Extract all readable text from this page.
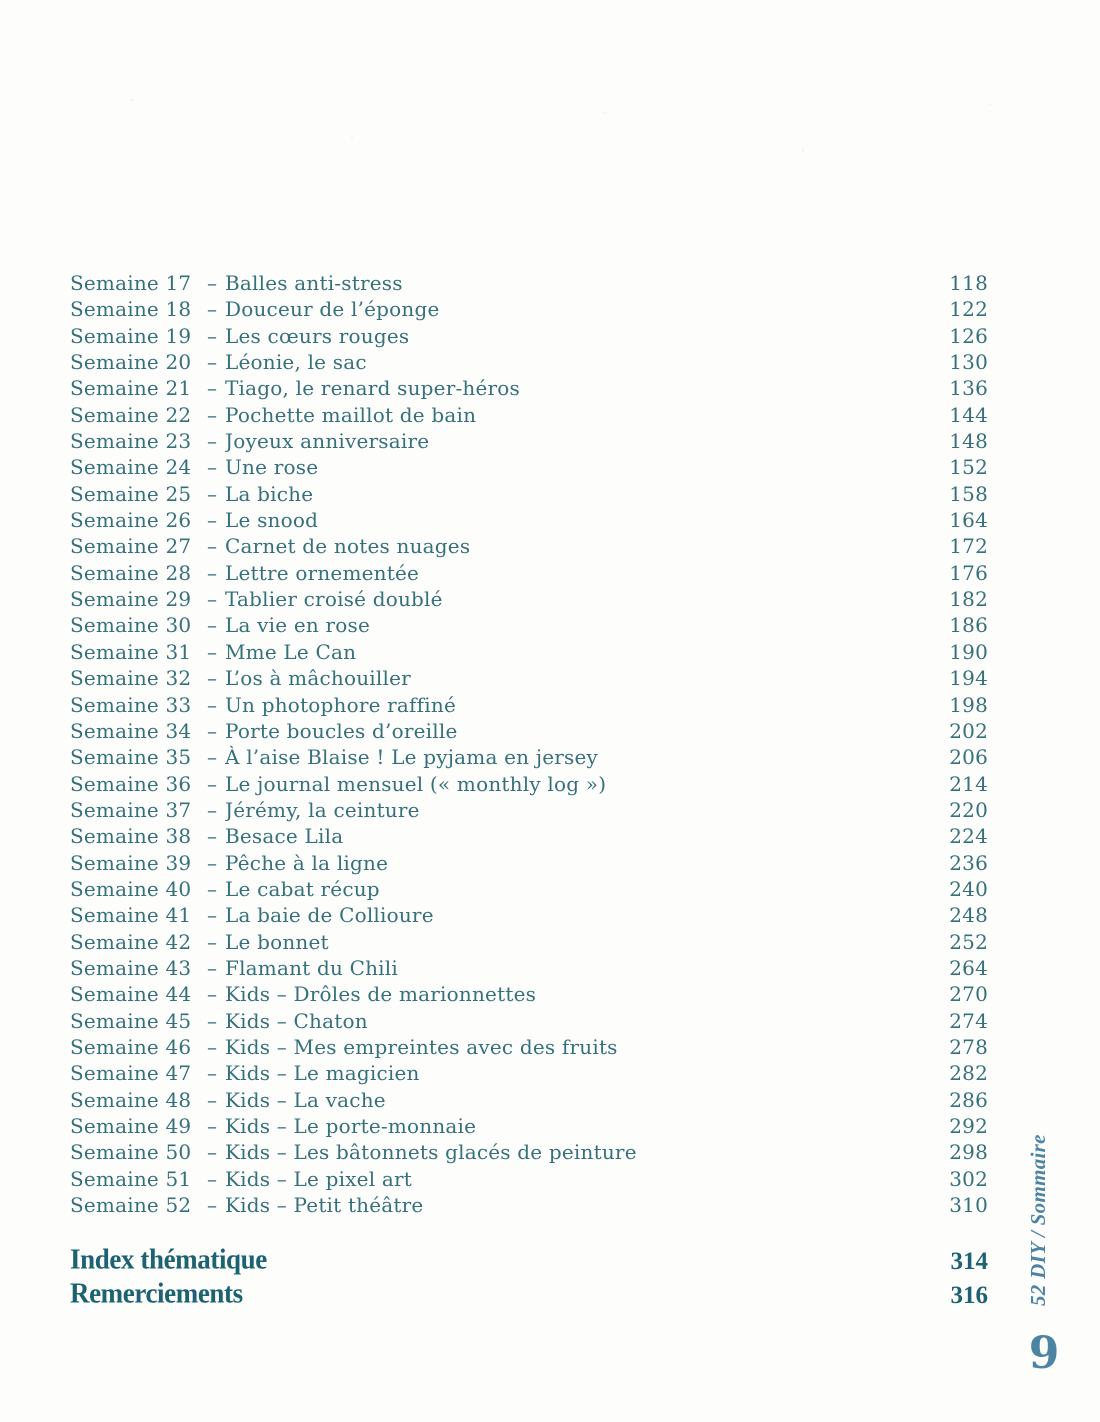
Semaine 17 – Balles anti-stress	118
Semaine 18 – Douceur de l’éponge	122
Semaine 19 – Les cœurs rouges	126
Semaine 20 – Léonie, le sac	130
Semaine 21 – Tiago, le renard super-héros	136
Semaine 22 – Pochette maillot de bain	144
Semaine 23 – Joyeux anniversaire	148
Semaine 24 – Une rose	152
Semaine 25 – La biche	158
Semaine 26 – Le snood	164
Semaine 27 – Carnet de notes nuages	172
Semaine 28 – Lettre ornementée	176
Semaine 29 – Tablier croisé doublé	182
Semaine 30 – La vie en rose	186
Semaine 31 – Mme Le Can	190
Semaine 32 – L’os à mâchouiller	194
Semaine 33 – Un photophore raffiné	198
Semaine 34 – Porte boucles d’oreille	202
Semaine 35 – À l’aise Blaise ! Le pyjama en jersey	206
Semaine 36 – Le journal mensuel (« monthly log »)	214
Semaine 37 – Jérémy, la ceinture	220
Semaine 38 – Besace Lila	224
Semaine 39 – Pêche à la ligne	236
Semaine 40 – Le cabat récup	240
Semaine 41 – La baie de Collioure	248
Semaine 42 – Le bonnet	252
Semaine 43 – Flamant du Chili	264
Semaine 44 – Kids – Drôles de marionnettes	270
Semaine 45 – Kids – Chaton	274
Semaine 46 – Kids – Mes empreintes avec des fruits	278
Semaine 47 – Kids – Le magicien	282
Semaine 48 – Kids – La vache	286
Semaine 49 – Kids – Le porte-monnaie	292
Semaine 50 – Kids – Les bâtonnets glacés de peinture	298
Semaine 51 – Kids – Le pixel art	302
Semaine 52 – Kids – Petit théâtre	310
Index thématique	314
Remerciements	316 52 DIY / Sommaire
9
